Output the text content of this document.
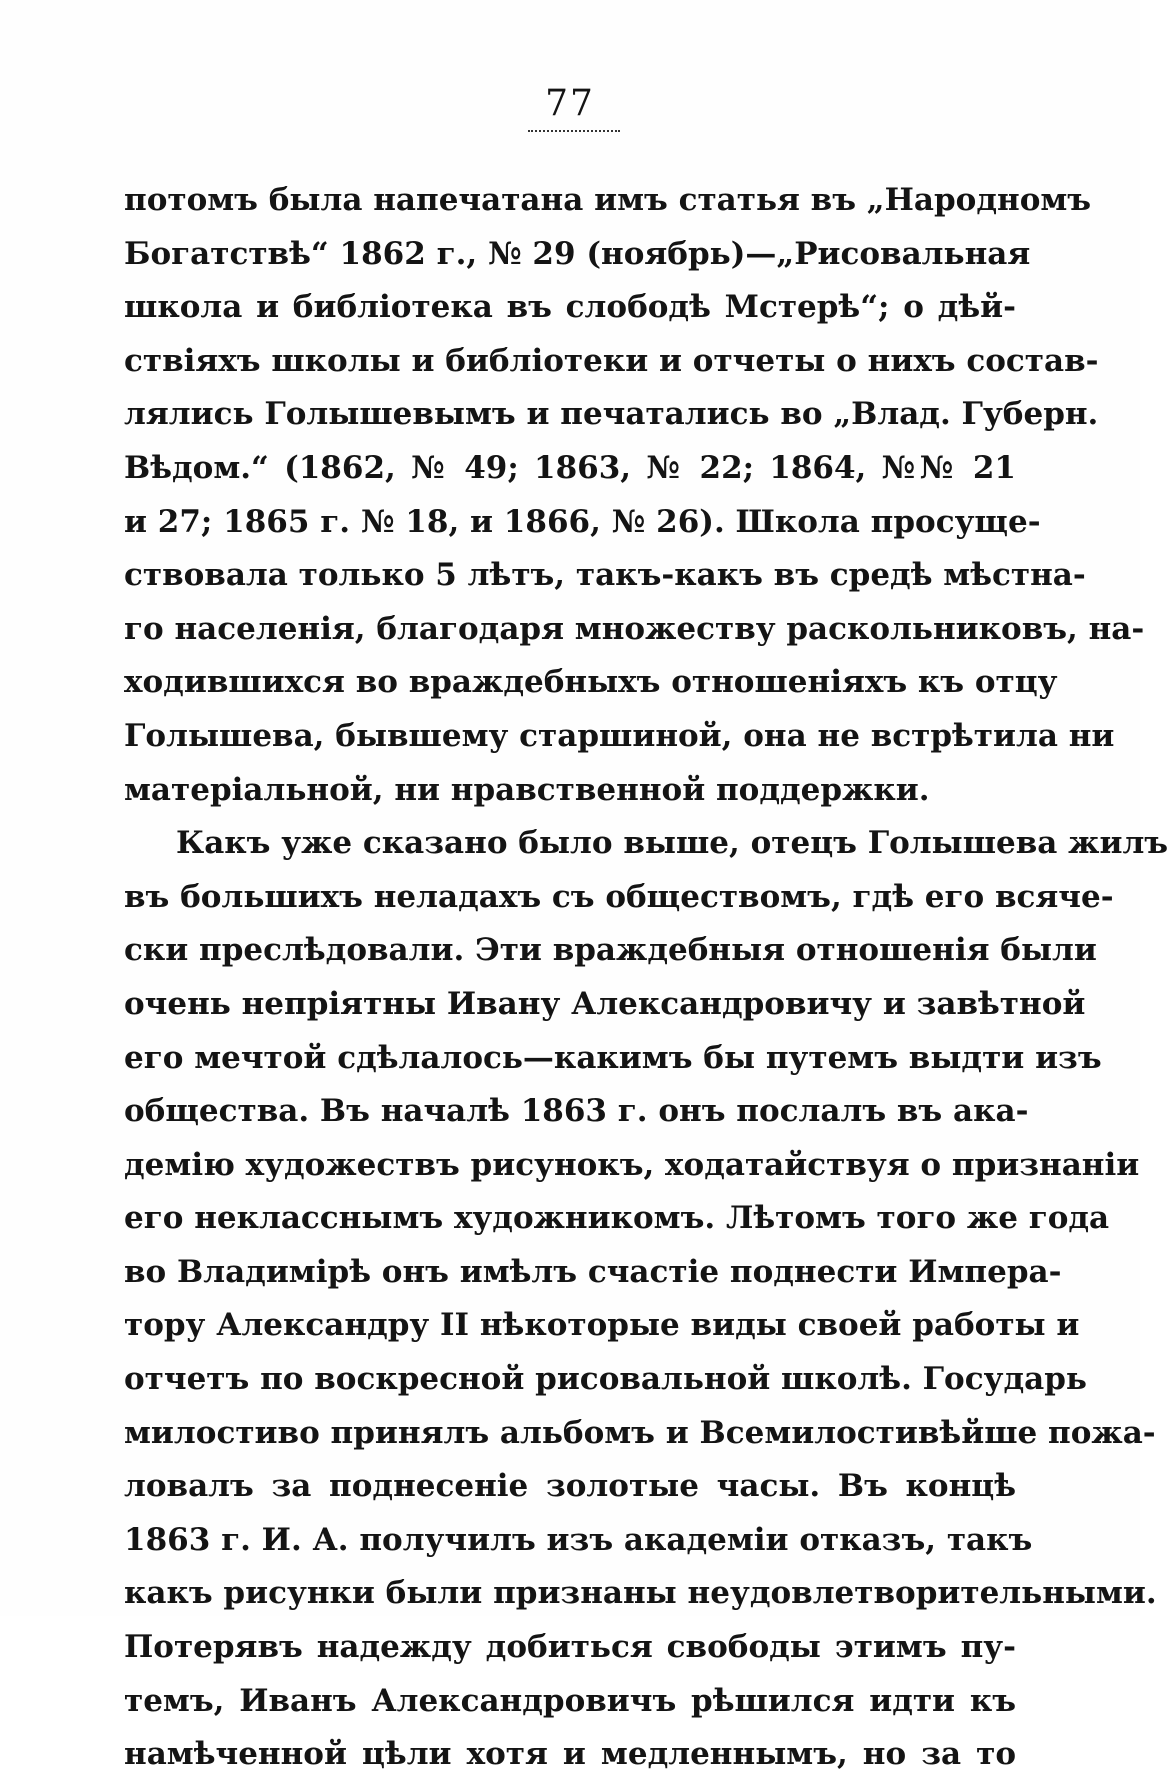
77
потомъ была напечатана имъ статья въ „Народномъ
Богатствѣ“ 1862 г., № 29 (ноябрь)—„Рисовальная
школа и библіотека въ слободѣ Мстерѣ“; о дѣй-
ствіяхъ школы и библіотеки и отчеты о нихъ состав-
лялись Голышевымъ и печатались во „Влад. Губерн.
Вѣдом.“ (1862, № 49; 1863, № 22; 1864, №№ 21
и 27; 1865 г. № 18, и 1866, № 26). Школа просуще-
ствовала только 5 лѣтъ, такъ-какъ въ средѣ мѣстна-
го населенія, благодаря множеству раскольниковъ, на-
ходившихся во враждебныхъ отношеніяхъ къ отцу
Голышева, бывшему старшиной, она не встрѣтила ни
матеріальной, ни нравственной поддержки.
Какъ уже сказано было выше, отецъ Голышева жилъ
въ большихъ неладахъ съ обществомъ, гдѣ его всяче-
ски преслѣдовали. Эти враждебныя отношенія были
очень непріятны Ивану Александровичу и завѣтной
его мечтой сдѣлалось—какимъ бы путемъ выдти изъ
общества. Въ началѣ 1863 г. онъ послалъ въ ака-
демію художествъ рисунокъ, ходатайствуя о признаніи
его некласснымъ художникомъ. Лѣтомъ того же года
во Владимірѣ онъ имѣлъ счастіе поднести Импера-
тору Александру II нѣкоторые виды своей работы и
отчетъ по воскресной рисовальной школѣ. Государь
милостиво принялъ альбомъ и Всемилостивѣйше пожа-
ловалъ за поднесеніе золотые часы. Въ концѣ
1863 г. И. А. получилъ изъ академіи отказъ, такъ
какъ рисунки были признаны неудовлетворительными.
Потерявъ надежду добиться свободы этимъ пу-
темъ, Иванъ Александровичъ рѣшился идти къ
намѣченной цѣли хотя и медленнымъ, но за то
